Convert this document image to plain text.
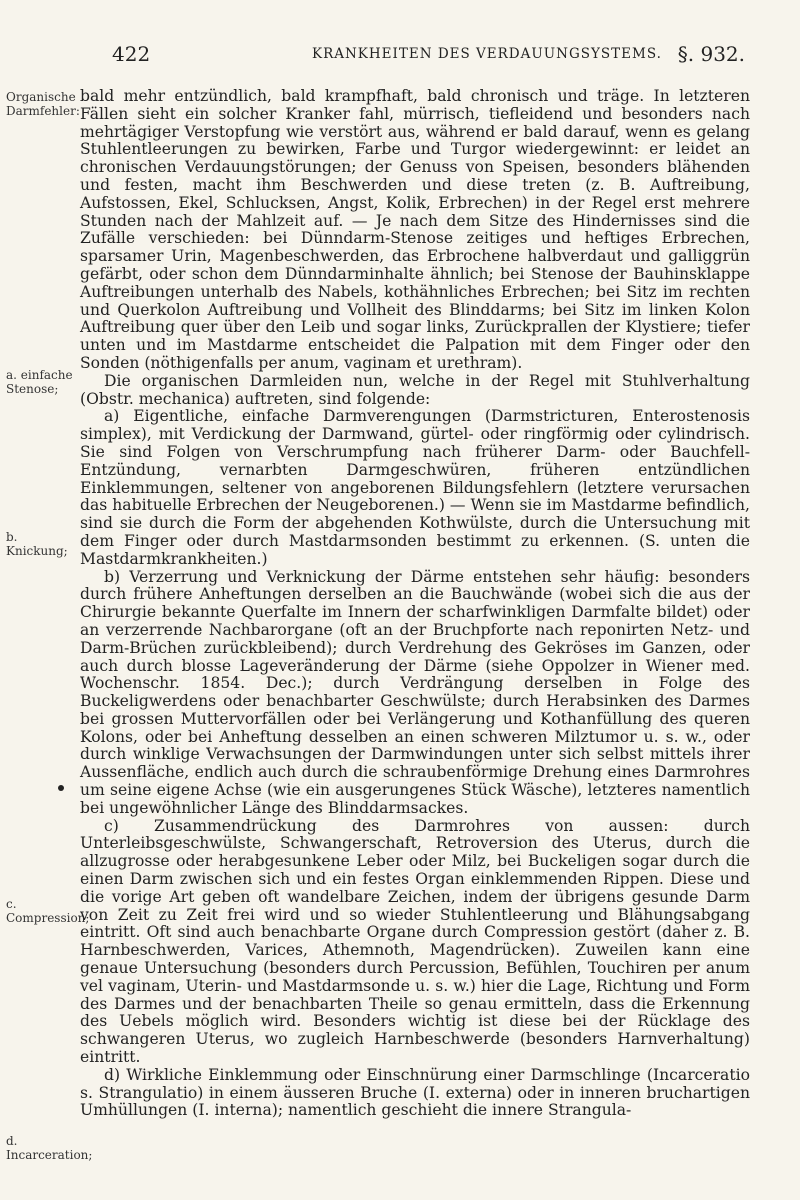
422	KRANKHEITEN DES VERDAUUNGSYSTEMS. §. 932.
Organische Darmfehler:
a. einfache Stenose;
b. Knickung;
c. Compression;
d. Incarceration;

bald mehr entzündlich, bald krampfhaft, bald chronisch und träge. In letzteren Fällen sieht ein solcher Kranker fahl, mürrisch, tiefleidend und besonders nach mehrtägiger Verstopfung wie verstört aus, während er bald darauf, wenn es gelang Stuhlentleerungen zu bewirken, Farbe und Turgor wiedergewinnt: er leidet an chronischen Verdauungstörungen; der Genuss von Speisen, besonders blähenden und festen, macht ihm Beschwerden und diese treten (z. B. Auftreibung, Aufstossen, Ekel, Schlucksen, Angst, Kolik, Erbrechen) in der Regel erst mehrere Stunden nach der Mahlzeit auf. — Je nach dem Sitze des Hindernisses sind die Zufälle verschieden: bei Dünndarm-Stenose zeitiges und heftiges Erbrechen, sparsamer Urin, Magenbeschwerden, das Erbrochene halbverdaut und galliggrün gefärbt, oder schon dem Dünndarminhalte ähnlich; bei Stenose der Bauhinsklappe Auftreibungen unterhalb des Nabels, kothähnliches Erbrechen; bei Sitz im rechten und Querkolon Auftreibung und Vollheit des Blinddarms; bei Sitz im linken Kolon Auftreibung quer über den Leib und sogar links, Zurückprallen der Klystiere; tiefer unten und im Mastdarme entscheidet die Palpation mit dem Finger oder den Sonden (nöthigenfalls per anum, vaginam et urethram).

Die organischen Darmleiden nun, welche in der Regel mit Stuhlverhaltung (Obstr. mechanica) auftreten, sind folgende:

a) Eigentliche, einfache Darmverengungen (Darmstricturen, Enterostenosis simplex), mit Verdickung der Darmwand, gürtel- oder ringförmig oder cylindrisch. Sie sind Folgen von Verschrumpfung nach früherer Darm- oder Bauchfell-Entzündung, vernarbten Darmgeschwüren, früheren entzündlichen Einklemmungen, seltener von angeborenen Bildungsfehlern (letztere verursachen das habituelle Erbrechen der Neugeborenen.) — Wenn sie im Mastdarme befindlich, sind sie durch die Form der abgehenden Kothwülste, durch die Untersuchung mit dem Finger oder durch Mastdarmsonden bestimmt zu erkennen. (S. unten die Mastdarmkrankheiten.)

b) Verzerrung und Verknickung der Därme entstehen sehr häufig: besonders durch frühere Anheftungen derselben an die Bauchwände (wobei sich die aus der Chirurgie bekannte Querfalte im Innern der scharfwinkligen Darmfalte bildet) oder an verzerrende Nachbarorgane (oft an der Bruchpforte nach reponirten Netz- und Darm-Brüchen zurückbleibend); durch Verdrehung des Gekröses im Ganzen, oder auch durch blosse Lageveränderung der Därme (siehe Oppolzer in Wiener med. Wochenschr. 1854. Dec.); durch Verdrängung derselben in Folge des Buckeligwerdens oder benachbarter Geschwülste; durch Herabsinken des Darmes bei grossen Muttervorfällen oder bei Verlängerung und Kothanfüllung des queren Kolons, oder bei Anheftung desselben an einen schweren Milztumor u. s. w., oder durch winklige Verwachsungen der Darmwindungen unter sich selbst mittels ihrer Aussenfläche, endlich auch durch die schraubenförmige Drehung eines Darmrohres um seine eigene Achse (wie ein ausgerungenes Stück Wäsche), letzteres namentlich bei ungewöhnlicher Länge des Blinddarmsackes.

c) Zusammendrückung des Darmrohres von aussen: durch Unterleibsgeschwülste, Schwangerschaft, Retroversion des Uterus, durch die allzugrosse oder herabgesunkene Leber oder Milz, bei Buckeligen sogar durch die einen Darm zwischen sich und ein festes Organ einklemmenden Rippen. Diese und die vorige Art geben oft wandelbare Zeichen, indem der übrigens gesunde Darm von Zeit zu Zeit frei wird und so wieder Stuhlentleerung und Blähungsabgang eintritt. Oft sind auch benachbarte Organe durch Compression gestört (daher z. B. Harnbeschwerden, Varices, Athemnoth, Magendrücken). Zuweilen kann eine genaue Untersuchung (besonders durch Percussion, Befühlen, Touchiren per anum vel vaginam, Uterin- und Mastdarmsonde u. s. w.) hier die Lage, Richtung und Form des Darmes und der benachbarten Theile so genau ermitteln, dass die Erkennung des Uebels möglich wird. Besonders wichtig ist diese bei der Rücklage des schwangeren Uterus, wo zugleich Harnbeschwerde (besonders Harnverhaltung) eintritt.

d) Wirkliche Einklemmung oder Einschnürung einer Darmschlinge (Incarceratio s. Strangulatio) in einem äusseren Bruche (I. externa) oder in inneren bruchartigen Umhüllungen (I. interna); namentlich geschieht die innere Strangula-
